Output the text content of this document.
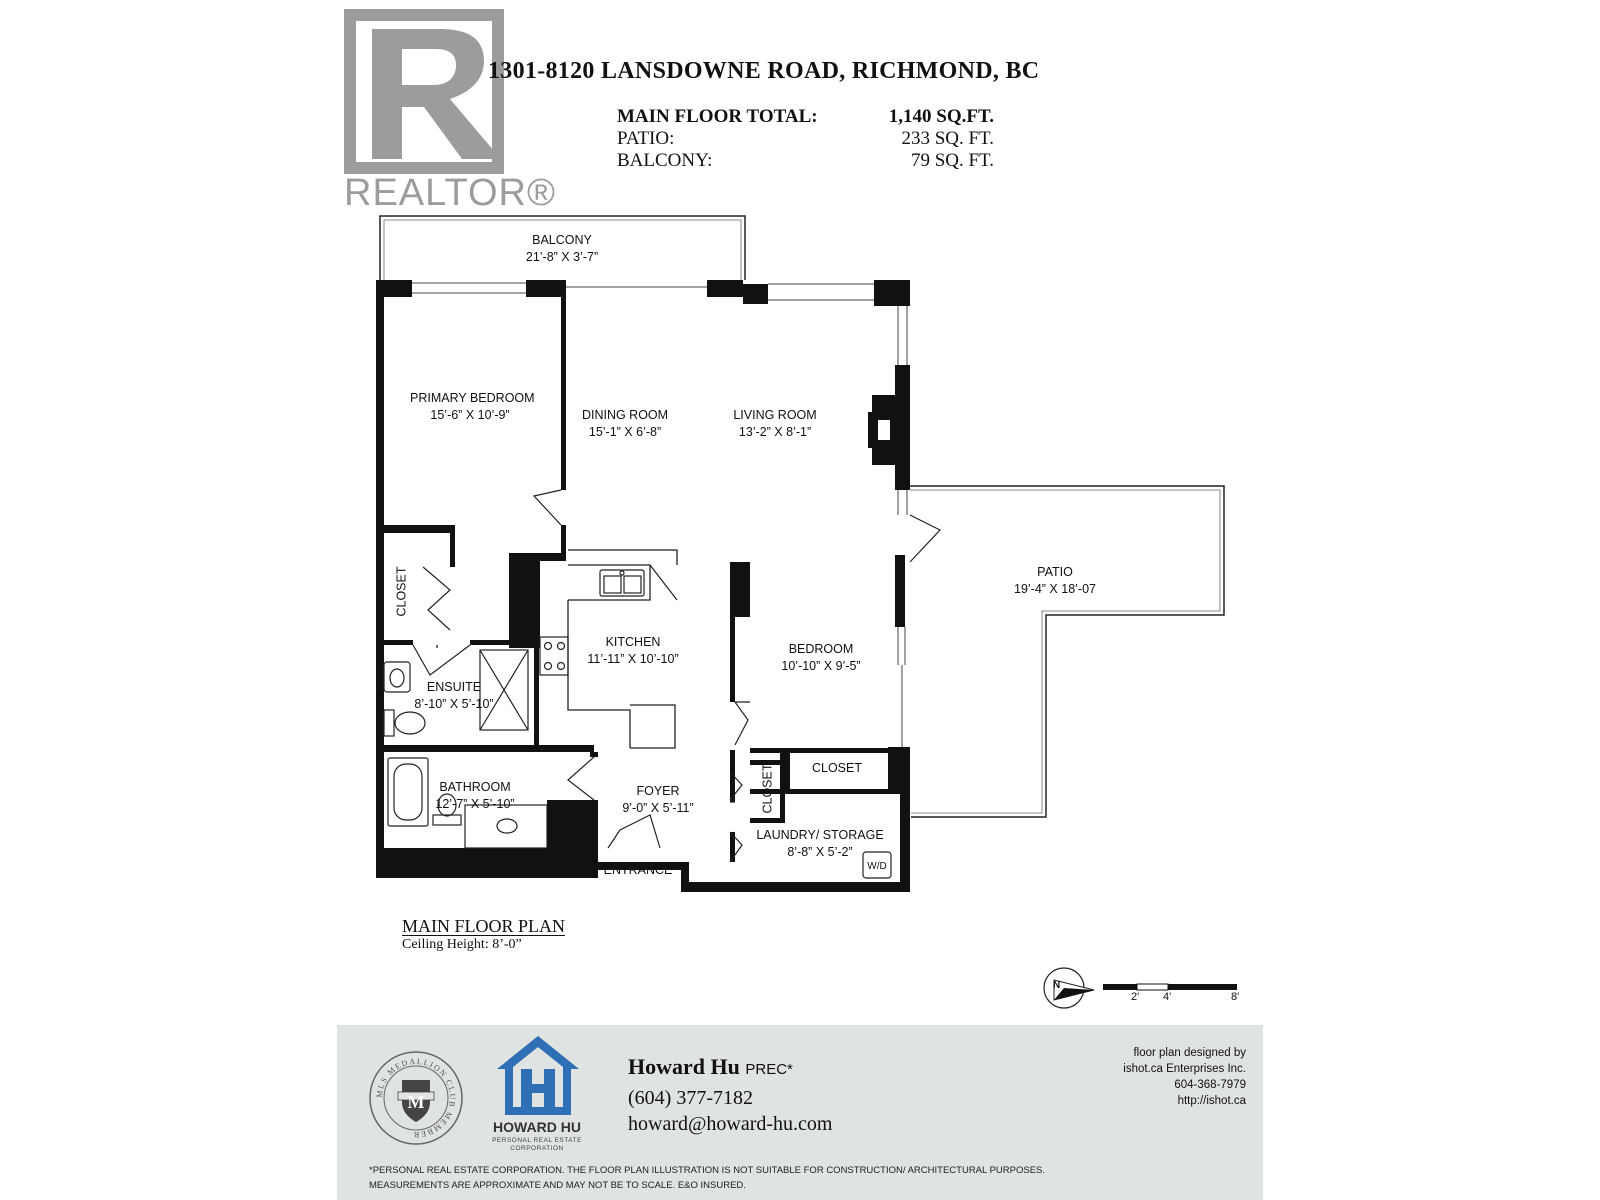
REALTOR®
1301-8120 LANSDOWNE ROAD, RICHMOND, BC
MAIN FLOOR TOTAL:	1,140 SQ.FT.
PATIO:	233 SQ. FT.
BALCONY:	79 SQ. FT.
BALCONY
21’-8” X 3’-7”
PRIMARY BEDROOM
15’-6” X 10’-9”	DINING ROOM
15’-1” X 6’-8”
LIVING ROOM
13’-2” X 8’-1”
PATIO
19’-4” X 18’-07
CLOSET
KITCHEN
11’-11” X 10’-10”
BEDROOM
10’-10” X 9’-5”
ENSUITE
8’-10” X 5’-10”
CLOSET
BATHROOM
12’-7” X 5’-10”
FOYER
9’-0” X 5’-11”	CLOSET
LAUNDRY/ STORAGE
8’-8” X 5’-2”
W/D
ENTRANCE
MAIN FLOOR PLAN
Ceiling Height: 8’-0”
N
2' 4'	8'
MLS MEDALLION CLUB MEMBER
M
HOWARD HU
PERSONAL REAL ESTATE CORPORATION
Howard Hu PREC*
(604) 377-7182
howard@howard-hu.com
floor plan designed by
ishot.ca Enterprises Inc.
604-368-7979
http://ishot.ca
*PERSONAL REAL ESTATE CORPORATION. THE FLOOR PLAN ILLUSTRATION IS NOT SUITABLE FOR CONSTRUCTION/ ARCHITECTURAL PURPOSES.
MEASUREMENTS ARE APPROXIMATE AND MAY NOT BE TO SCALE. E&O INSURED.
